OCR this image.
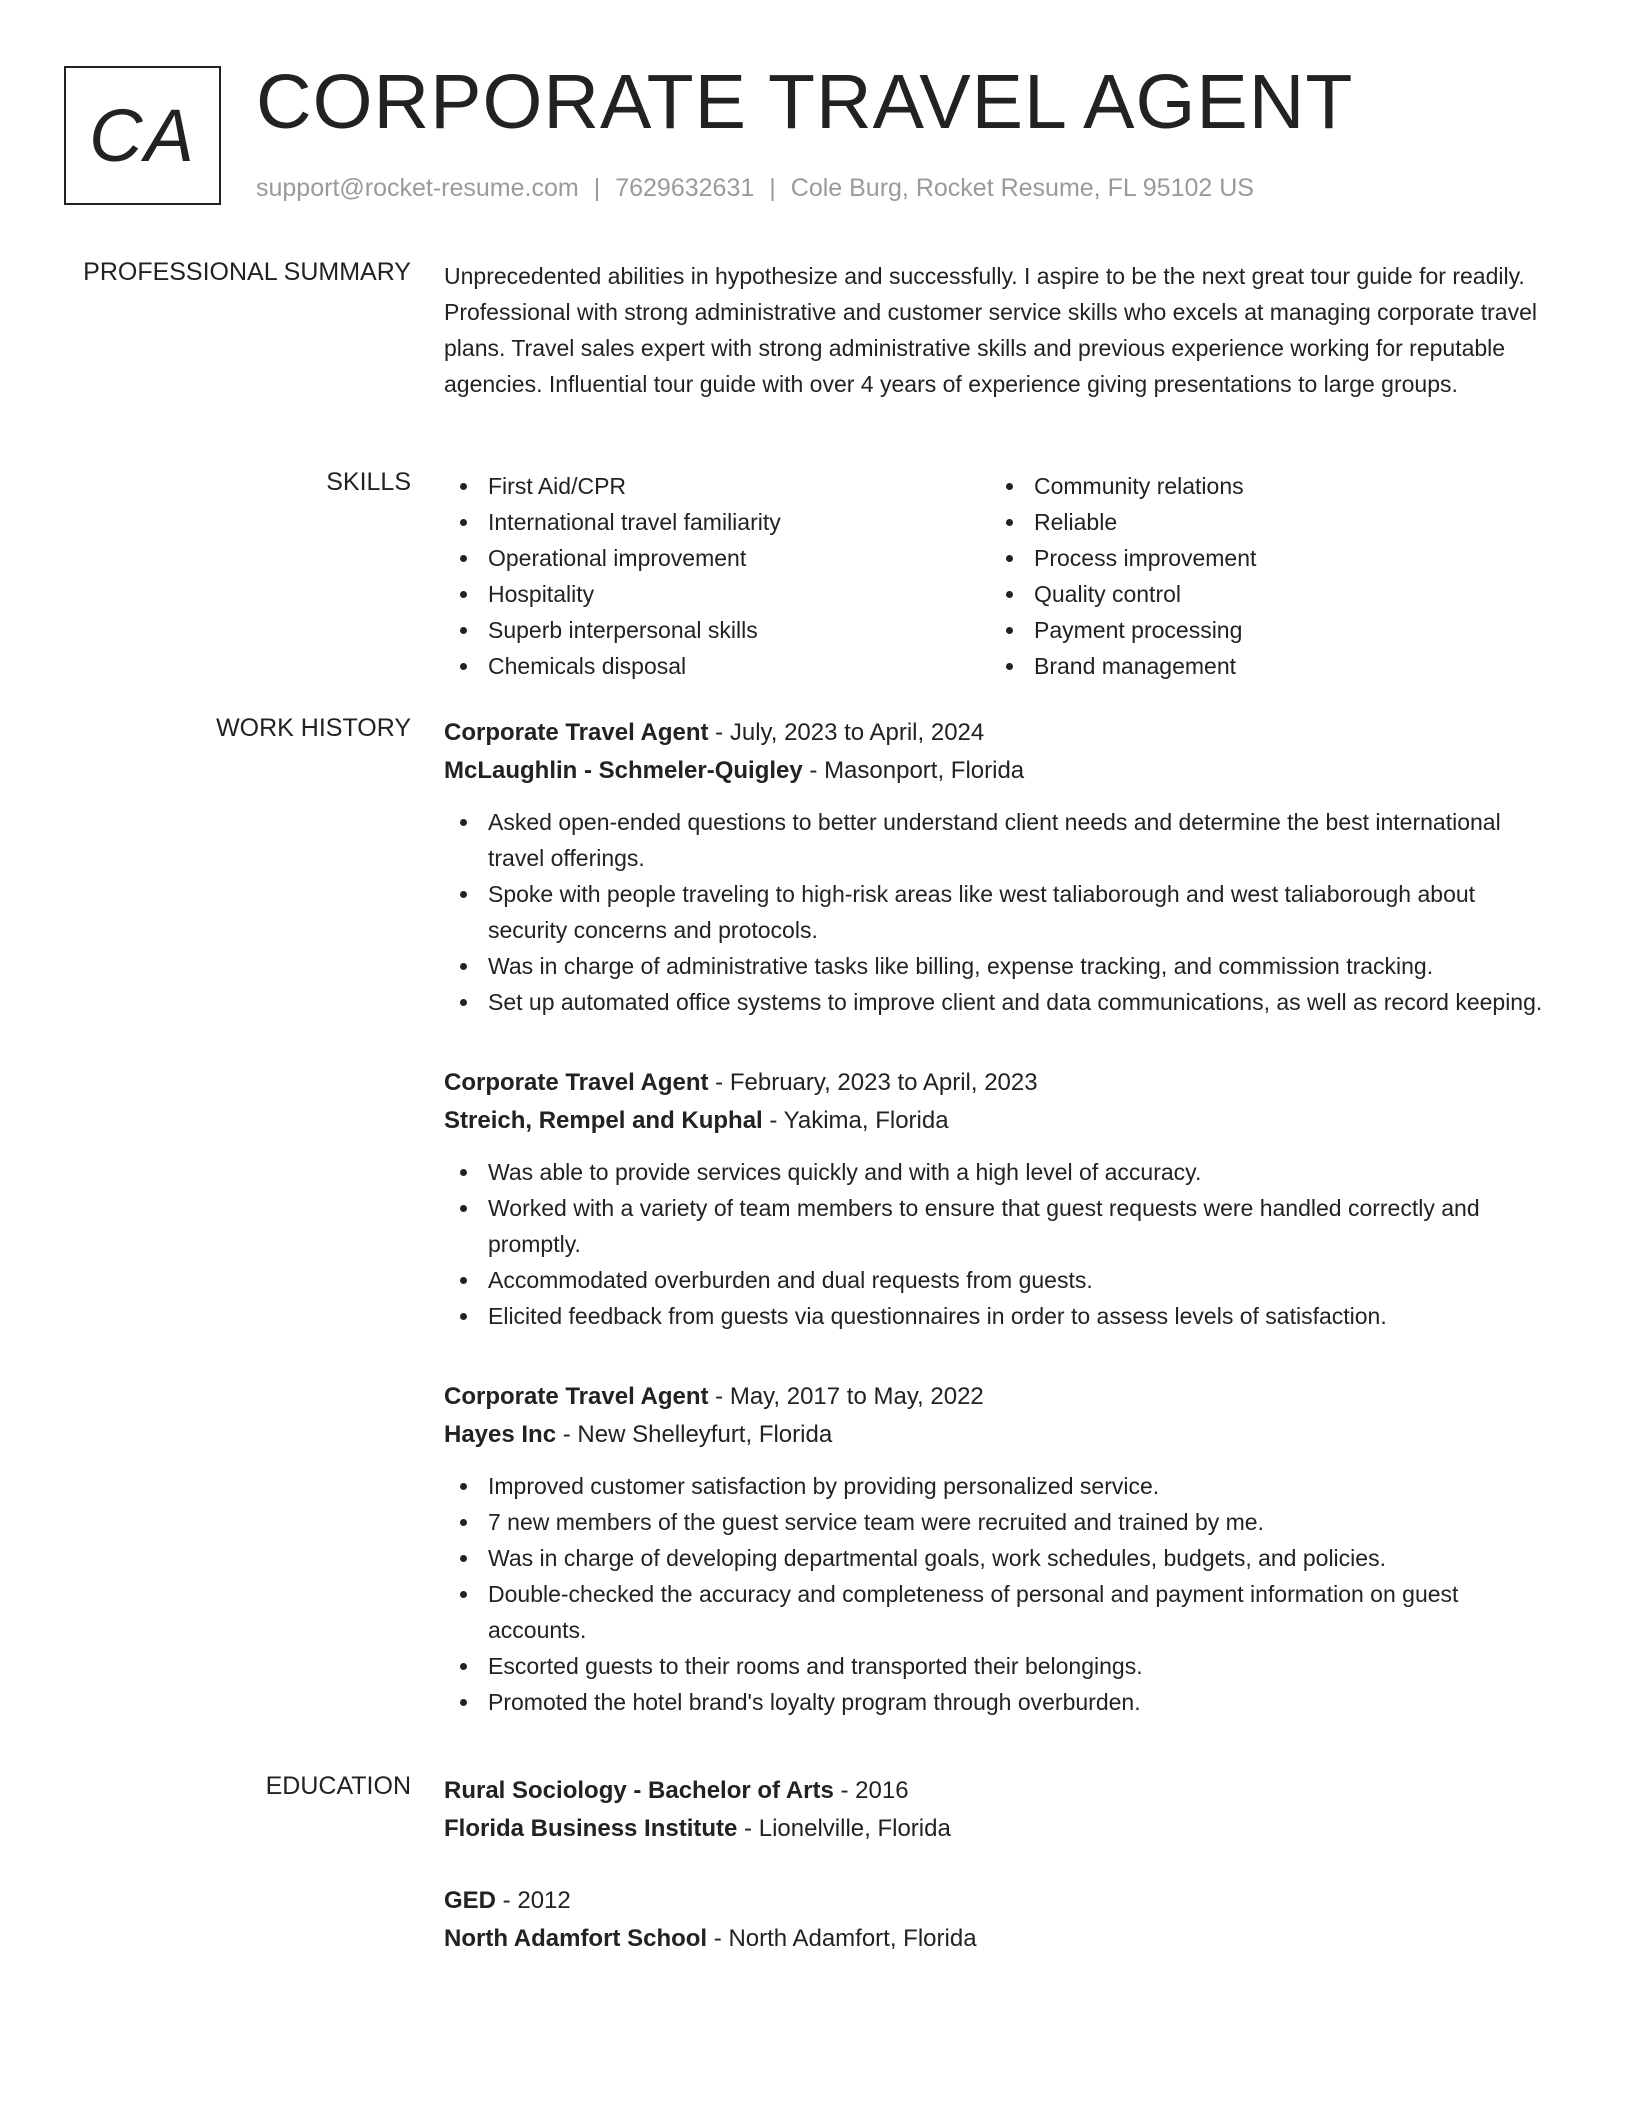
CA CORPORATE TRAVEL AGENT
support@rocket-resume.com | 7629632631 | Cole Burg, Rocket Resume, FL 95102 US
PROFESSIONAL SUMMARY Unprecedented abilities in hypothesize and successfully. I aspire to be the next great tour guide for readily. Professional with strong administrative and customer service skills who excels at managing corporate travel plans. Travel sales expert with strong administrative skills and previous experience working for reputable agencies. Influential tour guide with over 4 years of experience giving presentations to large groups.

SKILLS	First Aid/CPR
International travel familiarity
Operational improvement
Hospitality
Superb interpersonal skills
Chemicals disposal
Community relations
Reliable
Process improvement
Quality control
Payment processing
Brand management
WORK HISTORY Corporate Travel Agent - July, 2023 to April, 2024
McLaughlin - Schmeler-Quigley - Masonport, Florida
Asked open-ended questions to better understand client needs and determine the best international travel offerings.
Spoke with people traveling to high-risk areas like west taliaborough and west taliaborough about security concerns and protocols.
Was in charge of administrative tasks like billing, expense tracking, and commission tracking.
Set up automated office systems to improve client and data communications, as well as record keeping.
Corporate Travel Agent - February, 2023 to April, 2023
Streich, Rempel and Kuphal - Yakima, Florida
Was able to provide services quickly and with a high level of accuracy.
Worked with a variety of team members to ensure that guest requests were handled correctly and promptly.
Accommodated overburden and dual requests from guests.
Elicited feedback from guests via questionnaires in order to assess levels of satisfaction.
Corporate Travel Agent - May, 2017 to May, 2022
Hayes Inc - New Shelleyfurt, Florida
Improved customer satisfaction by providing personalized service.
7 new members of the guest service team were recruited and trained by me.
Was in charge of developing departmental goals, work schedules, budgets, and policies.
Double-checked the accuracy and completeness of personal and payment information on guest accounts.
Escorted guests to their rooms and transported their belongings.
Promoted the hotel brand's loyalty program through overburden.
EDUCATION Rural Sociology - Bachelor of Arts - 2016
Florida Business Institute - Lionelville, Florida
GED - 2012
North Adamfort School - North Adamfort, Florida
